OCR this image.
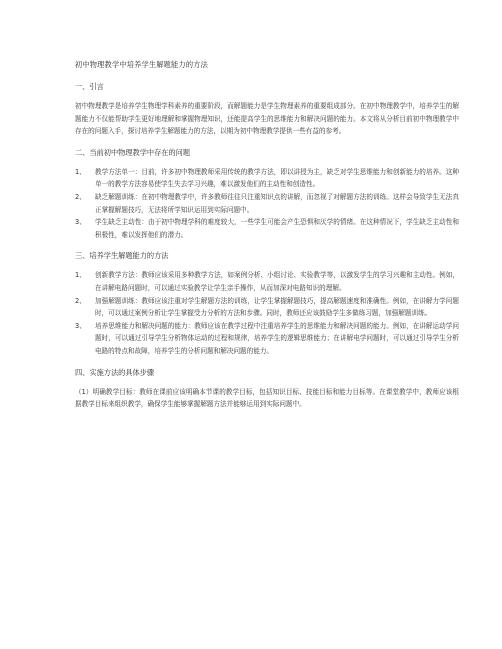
初中物理教学中培养学生解题能力的方法
一、引言

初中物理教学是培养学生物理学科素养的重要阶段，而解题能力是学生物理素养的重要组成部分。在初中物理教学中，培养学生的解题能力不仅能帮助学生更好地理解和掌握物理知识，还能提高学生的思维能力和解决问题的能力。本文将从分析目前初中物理教学中存在的问题入手，探讨培养学生解题能力的方法，以期为初中物理教学提供一些有益的参考。

二、当前初中物理教学中存在的问题
1、	教学方法单一：目前，许多初中物理教师采用传统的教学方法，即以讲授为主，缺乏对学生思维能力和创新能力的培养。这种单一的教学方法容易使学生失去学习兴趣，难以激发他们的主动性和创造性。
2、	缺乏解题训练：在初中物理教学中，许多教师往往只注重知识点的讲解，而忽视了对解题方法的训练。这样会导致学生无法真正掌握解题技巧，无法将所学知识运用到实际问题中。
3、	学生缺乏主动性：由于初中物理学科的难度较大，一些学生可能会产生恐惧和厌学的情绪。在这种情况下，学生缺乏主动性和积极性，难以发挥他们的潜力。
三、培养学生解题能力的方法
1、	创新教学方法：教师应该采用多种教学方法，如案例分析、小组讨论、实验教学等，以激发学生的学习兴趣和主动性。例如，在讲解电路问题时，可以通过实验教学让学生亲手操作，从而加深对电路知识的理解。
2、	加强解题训练：教师应该注重对学生解题方法的训练，让学生掌握解题技巧，提高解题速度和准确性。例如，在讲解力学问题时，可以通过案例分析让学生掌握受力分析的方法和步骤。同时，教师还应该鼓励学生多做练习题，加强解题训练。
3、	培养思维能力和解决问题的能力：教师应该在教学过程中注重培养学生的思维能力和解决问题的能力。例如，在讲解运动学问题时，可以通过引导学生分析物体运动的过程和规律，培养学生的逻辑思维能力；在讲解电学问题时，可以通过引导学生分析电路的特点和故障，培养学生的分析问题和解决问题的能力。
四、实施方法的具体步骤

（1）明确教学目标：教师在课前应该明确本节课的教学目标，包括知识目标、技能目标和能力目标等。在课堂教学中，教师应该根据教学目标来组织教学，确保学生能够掌握解题方法并能够运用到实际问题中。
